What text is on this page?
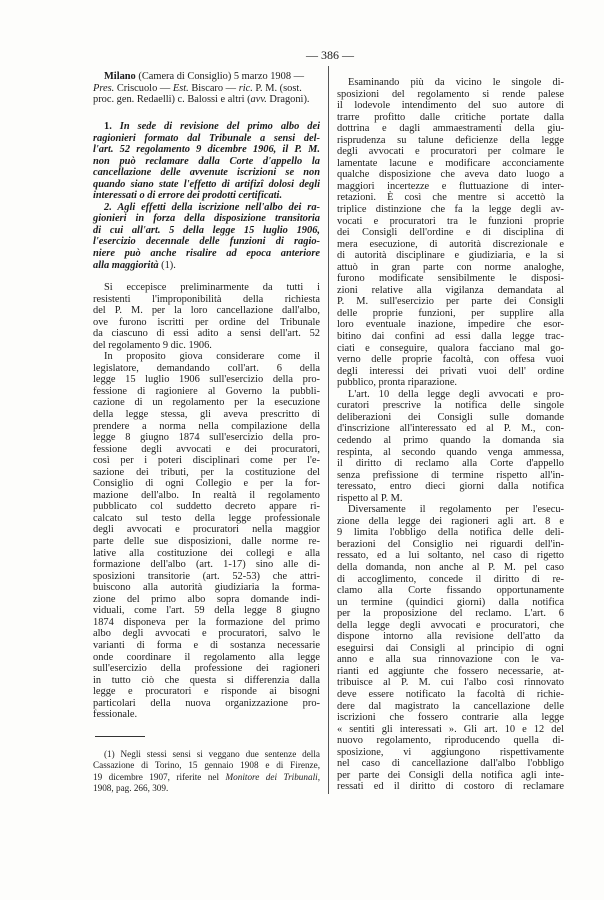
— 386 —
Milano (Camera di Consiglio) 5 marzo 1908 —
Pres. Criscuolo — Est. Biscaro — ric. P. M. (sost.
proc. gen. Redaelli) c. Balossi e altri (avv. Dragoni).
1. In sede di revisione del primo albo dei
ragionieri formato dal Tribunale a sensi del-
l'art. 52 regolamento 9 dicembre 1906, il P. M.
non può reclamare dalla Corte d'appello la
cancellazione delle avvenute iscrizioni se non
quando siano state l'effetto di artifizî dolosi degli
interessati o di errore dei prodotti certificati.
2. Agli effetti della iscrizione nell'albo dei ra-
gionieri in forza della disposizione transitoria
di cui all'art. 5 della legge 15 luglio 1906,
l'esercizio decennale delle funzioni di ragio-
niere può anche risalire ad epoca anteriore
alla maggiorità (1).
Si eccepisce preliminarmente da tutti i
resistenti l'improponibilità della richiesta
del P. M. per la loro cancellazione dall'albo,
ove furono iscritti per ordine del Tribunale
da ciascuno di essi adito a sensi dell'art. 52
del regolamento 9 dic. 1906.
In proposito giova considerare come il
legislatore, demandando coll'art. 6 della
legge 15 luglio 1906 sull'esercizio della pro-
fessione di ragioniere al Governo la pubbli-
cazione di un regolamento per la esecuzione
della legge stessa, gli aveva prescritto di
prendere a norma nella compilazione della
legge 8 giugno 1874 sull'esercizio della pro-
fessione degli avvocati e dei procuratori,
così per i poteri disciplinari come per l'e-
sazione dei tributi, per la costituzione del
Consiglio di ogni Collegio e per la for-
mazione dell'albo. In realtà il regolamento
pubblicato col suddetto decreto appare ri-
calcato sul testo della legge professionale
degli avvocati e procuratori nella maggior
parte delle sue disposizioni, dalle norme re-
lative alla costituzione dei collegi e alla
formazione dell'albo (art. 1-17) sino alle di-
sposizioni transitorie (art. 52-53) che attri-
buiscono alla autorità giudiziaria la forma-
zione del primo albo sopra domande indi-
viduali, come l'art. 59 della legge 8 giugno
1874 disponeva per la formazione del primo
albo degli avvocati e procuratori, salvo le
varianti di forma e di sostanza necessarie
onde coordinare il regolamento alla legge
sull'esercizio della professione dei ragioneri
in tutto ciò che questa si differenzia dalla
legge e procuratori e risponde ai bisogni
particolari della nuova organizzazione pro-
fessionale.
(1) Negli stessi sensi si veggano due sentenze della
Cassazione di Torino, 15 gennaio 1908 e di Firenze,
19 dicembre 1907, riferite nel Monitore dei Tribunali,
1908, pag. 266, 309.
Esaminando più da vicino le singole di-
sposizioni del regolamento si rende palese
il lodevole intendimento del suo autore di
trarre profitto dalle critiche portate dalla
dottrina e dagli ammaestramenti della giu-
risprudenza su talune deficienze della legge
degli avvocati e procuratori per colmare le
lamentate lacune e modificare acconciamente
qualche disposizione che aveva dato luogo a
maggiori incertezze e fluttuazione di inter-
retazioni. È così che mentre si accettò la
triplice distinzione che fa la legge degli av-
vocati e procuratori tra le funzioni proprie
dei Consigli dell'ordine e di disciplina di
mera esecuzione, di autorità discrezionale e
di autorità disciplinare e giudiziaria, e la si
attuò in gran parte con norme analoghe,
furono modificate sensibilmente le disposi-
zioni relative alla vigilanza demandata al
P. M. sull'esercizio per parte dei Consigli
delle proprie funzioni, per supplire alla
loro eventuale inazione, impedire che esor-
bitino dai confini ad essi dalla legge trac-
ciati e conseguire, qualora facciano mal go-
verno delle proprie facoltà, con offesa vuoi
degli interessi dei privati vuoi dell' ordine
pubblico, pronta riparazione.
L'art. 10 della legge degli avvocati e pro-
curatori prescrive la notifica delle singole
deliberazioni dei Consigli sulle domande
d'inscrizione all'interessato ed al P. M., con-
cedendo al primo quando la domanda sia
respinta, al secondo quando venga ammessa,
il diritto di reclamo alla Corte d'appello
senza prefissione di termine rispetto all'in-
teressato, entro dieci giorni dalla notifica
rispetto al P. M.
Diversamente il regolamento per l'esecu-
zione della legge dei ragioneri agli art. 8 e
9 limita l'obbligo della notifica delle deli-
berazioni del Consiglio nei riguardi dell'in-
ressato, ed a lui soltanto, nel caso di rigetto
della domanda, non anche al P. M. pel caso
di accoglimento, concede il diritto di re-
clamo alla Corte fissando opportunamente
un termine (quindici giorni) dalla notifica
per la proposizione del reclamo. L'art. 6
della legge degli avvocati e procuratori, che
dispone intorno alla revisione dell'atto da
eseguirsi dai Consigli al principio di ogni
anno e alla sua rinnovazione con le va-
rianti ed aggiunte che fossero necessarie, at-
tribuisce al P. M. cui l'albo così rinnovato
deve essere notificato la facoltà di richie-
dere dal magistrato la cancellazione delle
iscrizioni che fossero contrarie alla legge
« sentiti gli interessati ». Gli art. 10 e 12 del
nuovo regolamento, riproducendo quella di-
sposizione, vi aggiungono rispettivamente
nel caso di cancellazione dall'albo l'obbligo
per parte dei Consigli della notifica agli inte-
ressati ed il diritto di costoro di reclamare
